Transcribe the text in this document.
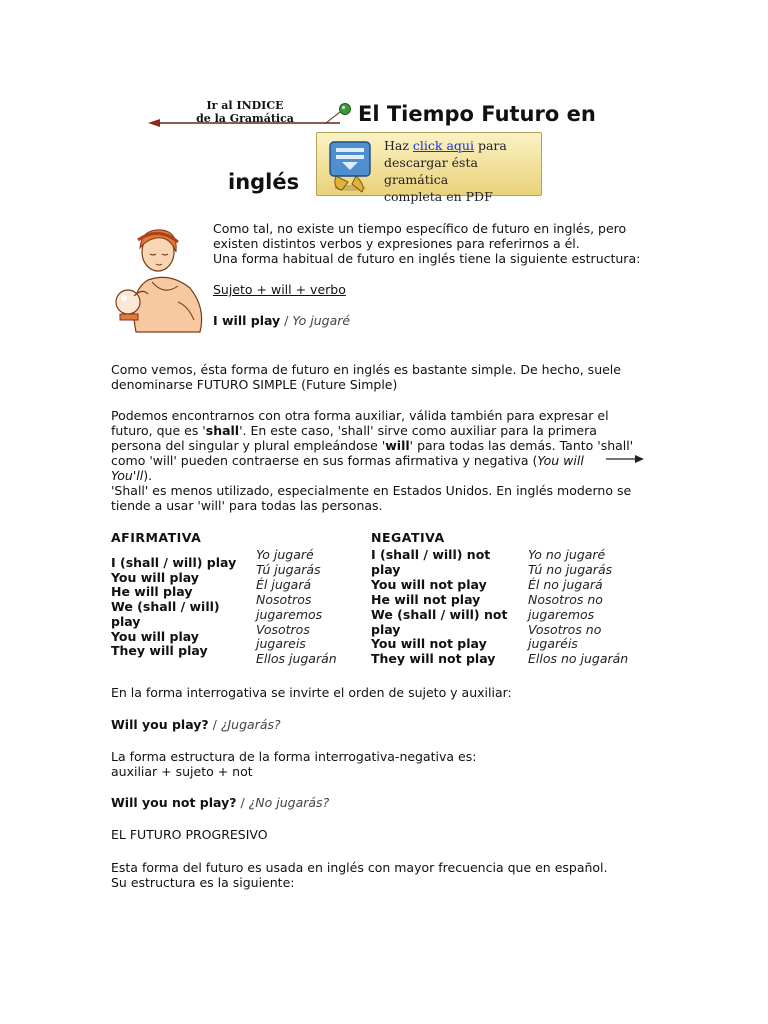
Ir al INDICE
de la Gramática	El Tiempo Futuro en
inglés
Haz click aqui para
descargar ésta gramática
completa en PDF
Como tal, no existe un tiempo específico de futuro en inglés, pero
existen distintos verbos y expresiones para referirnos a él.
Una forma habitual de futuro en inglés tiene la siguiente estructura:
Sujeto + will + verbo
I will play / Yo jugaré
Como vemos, ésta forma de futuro en inglés es bastante simple. De hecho, suele
denominarse FUTURO SIMPLE (Future Simple)
Podemos encontrarnos con otra forma auxiliar, válida también para expresar el
futuro, que es 'shall'. En este caso, 'shall' sirve como auxiliar para la primera
persona del singular y plural empleándose 'will' para todas las demás. Tanto 'shall'
como 'will' pueden contraerse en sus formas afirmativa y negativa (You will
You'll).
'Shall' es menos utilizado, especialmente en Estados Unidos. En inglés moderno se
tiende a usar 'will' para todas las personas.
AFIRMATIVA	NEGATIVA
I (shall / will) play
You will play
He will play
We (shall / will)
play
You will play
They will play
Yo jugaré
Tú jugarás
Él jugará
Nosotros
jugaremos
Vosotros
jugareis
Ellos jugarán
I (shall / will) not
play
You will not play
He will not play
We (shall / will) not
play
You will not play
They will not play
Yo no jugaré
Tú no jugarás
Él no jugará
Nosotros no
jugaremos
Vosotros no
jugaréis
Ellos no jugarán
En la forma interrogativa se invirte el orden de sujeto y auxiliar:
Will you play? / ¿Jugarás?
La forma estructura de la forma interrogativa-negativa es:
auxiliar + sujeto + not
Will you not play? / ¿No jugarás?
EL FUTURO PROGRESIVO
Esta forma del futuro es usada en inglés con mayor frecuencia que en español.
Su estructura es la siguiente:
